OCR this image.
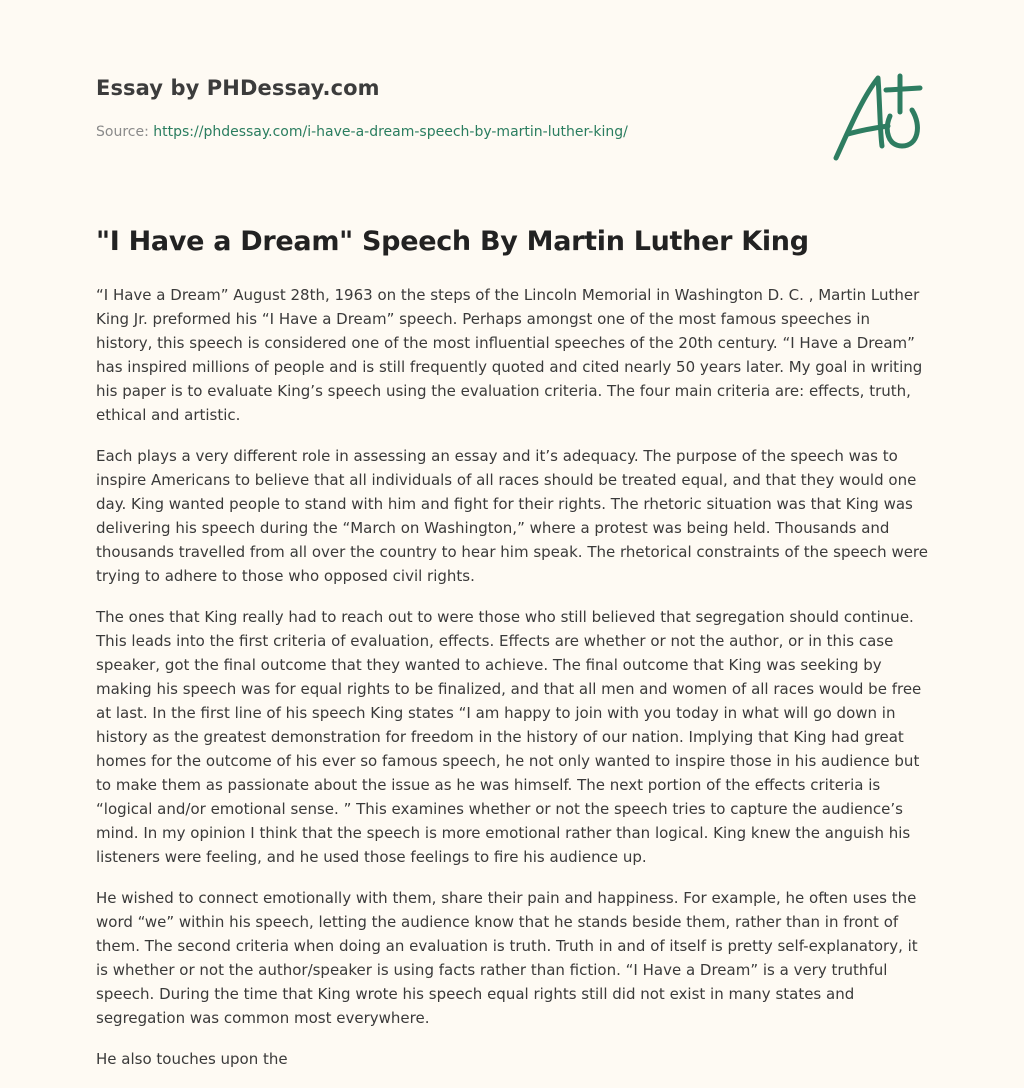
Essay by PHDessay.com

Source: https://phdessay.com/i-have-a-dream-speech-by-martin-luther-king/

"I Have a Dream" Speech By Martin Luther King

“I Have a Dream” August 28th, 1963 on the steps of the Lincoln Memorial in Washington D. C. , Martin Luther King Jr. preformed his “I Have a Dream” speech. Perhaps amongst one of the most famous speeches in history, this speech is considered one of the most influential speeches of the 20th century. “I Have a Dream” has inspired millions of people and is still frequently quoted and cited nearly 50 years later. My goal in writing his paper is to evaluate King’s speech using the evaluation criteria. The four main criteria are: effects, truth, ethical and artistic.

Each plays a very different role in assessing an essay and it’s adequacy. The purpose of the speech was to inspire Americans to believe that all individuals of all races should be treated equal, and that they would one day. King wanted people to stand with him and fight for their rights. The rhetoric situation was that King was delivering his speech during the “March on Washington,” where a protest was being held. Thousands and thousands travelled from all over the country to hear him speak. The rhetorical constraints of the speech were trying to adhere to those who opposed civil rights.

The ones that King really had to reach out to were those who still believed that segregation should continue. This leads into the first criteria of evaluation, effects. Effects are whether or not the author, or in this case speaker, got the final outcome that they wanted to achieve. The final outcome that King was seeking by making his speech was for equal rights to be finalized, and that all men and women of all races would be free at last. In the first line of his speech King states “I am happy to join with you today in what will go down in history as the greatest demonstration for freedom in the history of our nation. Implying that King had great homes for the outcome of his ever so famous speech, he not only wanted to inspire those in his audience but to make them as passionate about the issue as he was himself. The next portion of the effects criteria is “logical and/or emotional sense. ” This examines whether or not the speech tries to capture the audience’s mind. In my opinion I think that the speech is more emotional rather than logical. King knew the anguish his listeners were feeling, and he used those feelings to fire his audience up.

He wished to connect emotionally with them, share their pain and happiness. For example, he often uses the word “we” within his speech, letting the audience know that he stands beside them, rather than in front of them. The second criteria when doing an evaluation is truth. Truth in and of itself is pretty self-explanatory, it is whether or not the author/speaker is using facts rather than fiction. “I Have a Dream” is a very truthful speech. During the time that King wrote his speech equal rights still did not exist in many states and segregation was common most everywhere.

He also touches upon the
